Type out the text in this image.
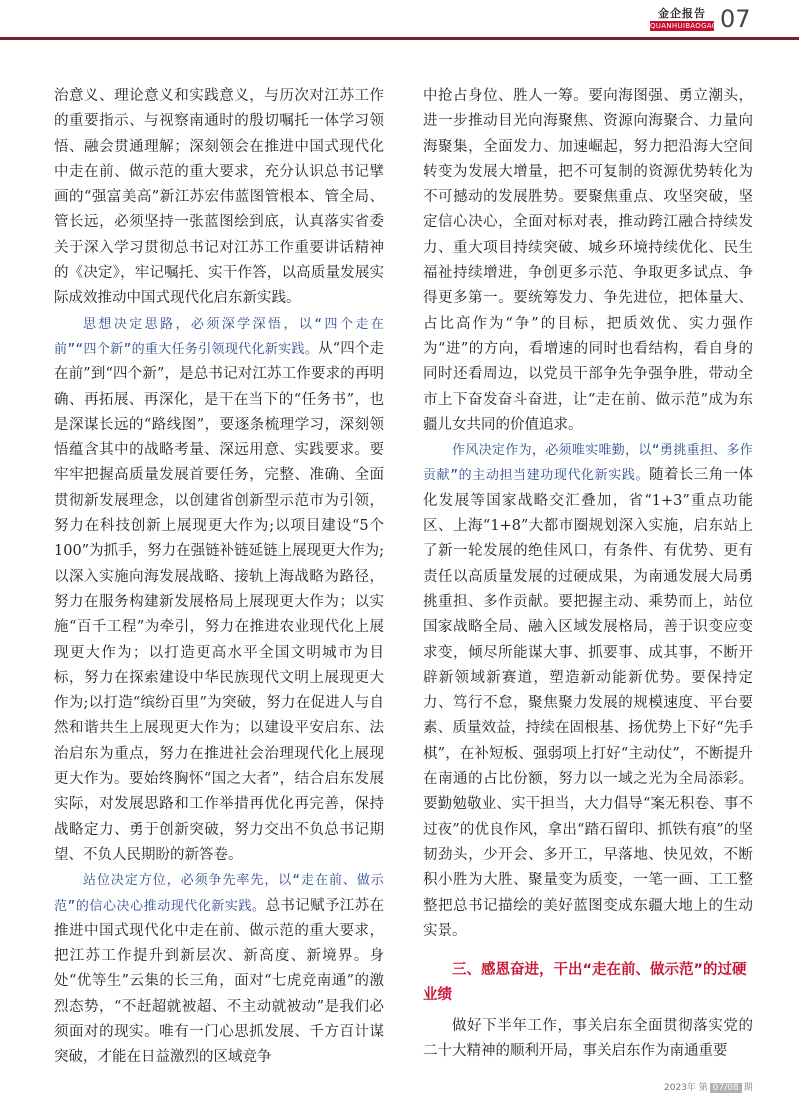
金企报告
QUANHUIBAOGAO 07

治意义、理论意义和实践意义，与历次对江苏工作的重要指示、与视察南通时的殷切嘱托一体学习领悟、融会贯通理解；深刻领会在推进中国式现代化中走在前、做示范的重大要求，充分认识总书记擘画的“强富美高”新江苏宏伟蓝图管根本、管全局、管长远，必须坚持一张蓝图绘到底，认真落实省委关于深入学习贯彻总书记对江苏工作重要讲话精神的《决定》，牢记嘱托、实干作答，以高质量发展实际成效推动中国式现代化启东新实践。

思想决定思路，必须深学深悟，以“四个走在前”“四个新”的重大任务引领现代化新实践。从“四个走在前”到“四个新”，是总书记对江苏工作要求的再明确、再拓展、再深化，是干在当下的“任务书”，也是深谋长远的“路线图”，要逐条梳理学习，深刻领悟蕴含其中的战略考量、深远用意、实践要求。要牢牢把握高质量发展首要任务，完整、准确、全面贯彻新发展理念，以创建省创新型示范市为引领，努力在科技创新上展现更大作为;以项目建设“5个100”为抓手，努力在强链补链延链上展现更大作为;以深入实施向海发展战略、接轨上海战略为路径，努力在服务构建新发展格局上展现更大作为；以实施“百千工程”为牵引，努力在推进农业现代化上展现更大作为；以打造更高水平全国文明城市为目标，努力在探索建设中华民族现代文明上展现更大作为;以打造“缤纷百里”为突破，努力在促进人与自然和谐共生上展现更大作为；以建设平安启东、法治启东为重点，努力在推进社会治理现代化上展现更大作为。要始终胸怀“国之大者”，结合启东发展实际，对发展思路和工作举措再优化再完善，保持战略定力、勇于创新突破，努力交出不负总书记期望、不负人民期盼的新答卷。

站位决定方位，必须争先率先，以“走在前、做示范”的信心决心推动现代化新实践。总书记赋予江苏在推进中国式现代化中走在前、做示范的重大要求，把江苏工作提升到新层次、新高度、新境界。身处“优等生”云集的长三角，面对“七虎竞南通”的激烈态势，“不赶超就被超、不主动就被动”是我们必须面对的现实。唯有一门心思抓发展、千方百计谋突破，才能在日益激烈的区域竞争

中抢占身位、胜人一筹。要向海图强、勇立潮头，进一步推动目光向海聚焦、资源向海聚合、力量向海聚集，全面发力、加速崛起，努力把沿海大空间转变为发展大增量，把不可复制的资源优势转化为不可撼动的发展胜势。要聚焦重点、攻坚突破，坚定信心决心，全面对标对表，推动跨江融合持续发力、重大项目持续突破、城乡环境持续优化、民生福祉持续增进，争创更多示范、争取更多试点、争得更多第一。要统筹发力、争先进位，把体量大、占比高作为“争”的目标，把质效优、实力强作为“进”的方向，看增速的同时也看结构，看自身的同时还看周边，以党员干部争先争强争胜，带动全市上下奋发奋斗奋进，让“走在前、做示范”成为东疆儿女共同的价值追求。

作风决定作为，必须唯实唯勤，以“勇挑重担、多作贡献”的主动担当建功现代化新实践。随着长三角一体化发展等国家战略交汇叠加，省“1+3”重点功能区、上海“1+8”大都市圈规划深入实施，启东站上了新一轮发展的绝佳风口，有条件、有优势、更有责任以高质量发展的过硬成果，为南通发展大局勇挑重担、多作贡献。要把握主动、乘势而上，站位国家战略全局、融入区域发展格局，善于识变应变求变，倾尽所能谋大事、抓要事、成其事，不断开辟新领域新赛道，塑造新动能新优势。要保持定力、笃行不怠，聚焦聚力发展的规模速度、平台要素、质量效益，持续在固根基、扬优势上下好“先手棋”，在补短板、强弱项上打好“主动仗”，不断提升在南通的占比份额，努力以一域之光为全局添彩。要勤勉敬业、实干担当，大力倡导“案无积卷、事不过夜”的优良作风，拿出“踏石留印、抓铁有痕”的坚韧劲头，少开会、多开工，早落地、快见效，不断积小胜为大胜、聚量变为质变，一笔一画、工工整整把总书记描绘的美好蓝图变成东疆大地上的生动实景。

三、感恩奋进，干出“走在前、做示范”的过硬业绩

做好下半年工作，事关启东全面贯彻落实党的二十大精神的顺利开局，事关启东作为南通重要

2023年 第 07/08 期
